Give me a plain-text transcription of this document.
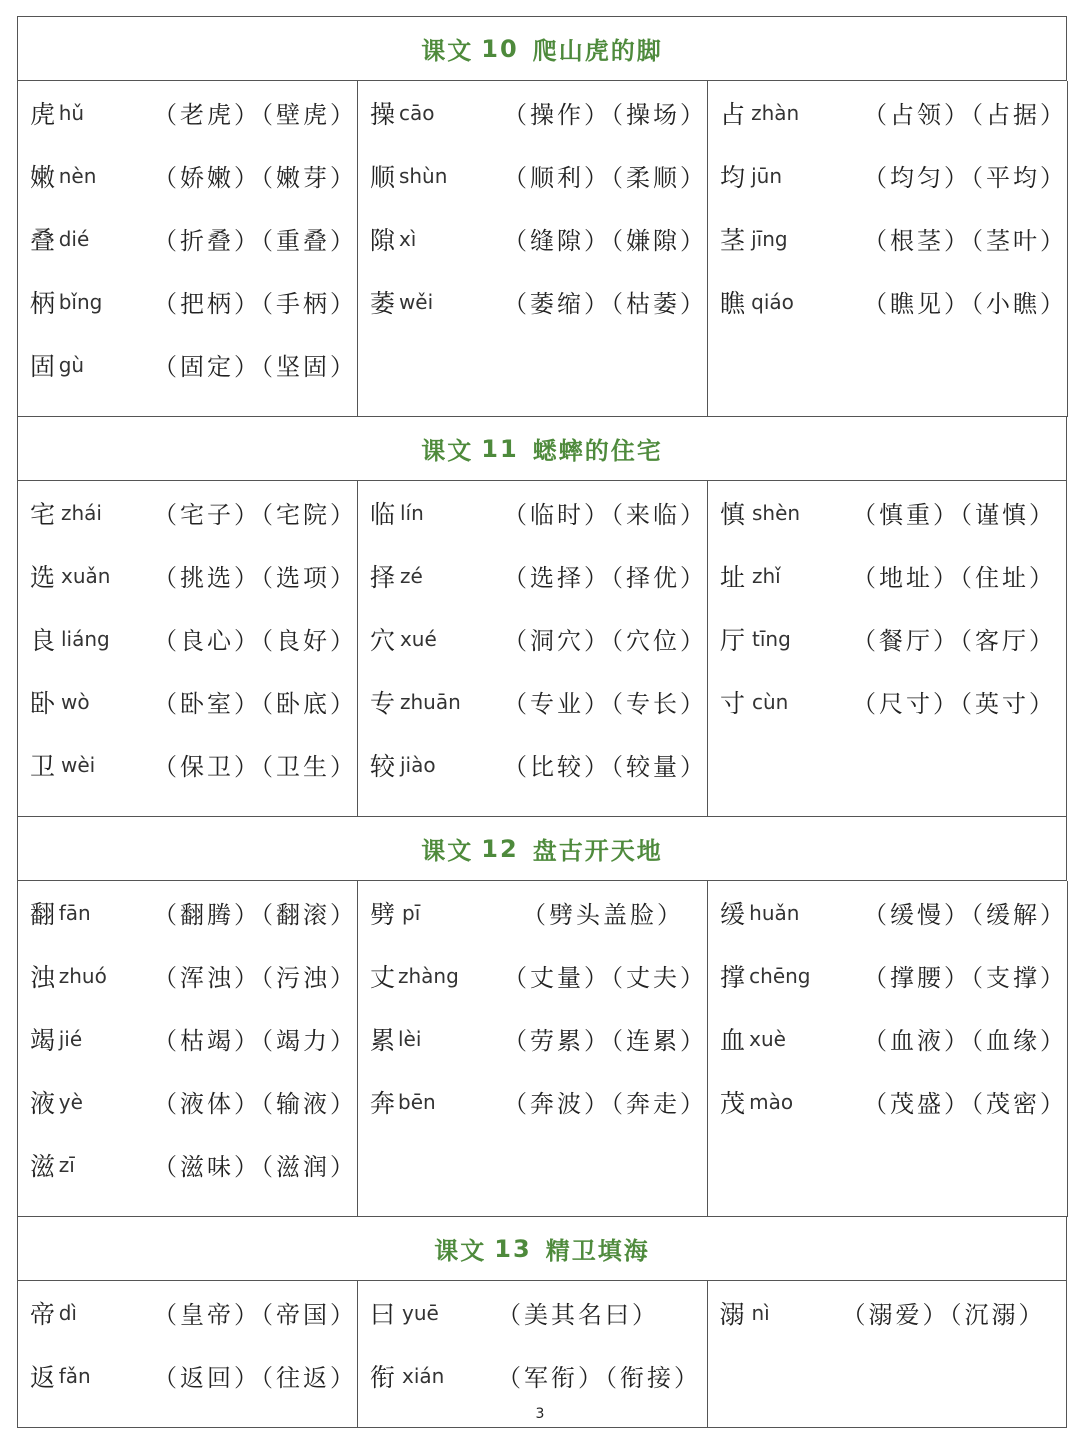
课文 10 爬山虎的脚
虎 hǔ	（老虎）（壁虎）
嫩 nèn	（娇嫩）（嫩芽）
叠 dié	（折叠）（重叠）
柄 bǐng	（把柄）（手柄）
固 gù	（固定）（坚固）
操 cāo	（操作）（操场）
顺 shùn	（顺利）（柔顺）
隙 xì	（缝隙）（嫌隙）
萎 wěi	（萎缩）（枯萎）
占 zhàn	（占领）（占据）
均 jūn	（均匀）（平均）
茎 jīng	（根茎）（茎叶）
瞧 qiáo	（瞧见）（小瞧）
课文 11 蟋蟀的住宅
宅 zhái	（宅子）（宅院）
选 xuǎn	（挑选）（选项）
良 liáng	（良心）（良好）
卧 wò	（卧室）（卧底）
卫 wèi	（保卫）（卫生）
临 lín	（临时）（来临）
择 zé	（选择）（择优）
穴 xué	（洞穴）（穴位）
专 zhuān	（专业）（专长）
较 jiào	（比较）（较量）
慎 shèn	（慎重）（谨慎）
址 zhǐ	（地址）（住址）
厅 tīng	（餐厅）（客厅）
寸 cùn	（尺寸）（英寸）
课文 12 盘古开天地
翻 fān	（翻腾）（翻滚）
浊 zhuó	（浑浊）（污浊）
竭 jié	（枯竭）（竭力）
液 yè	（液体）（输液）
滋 zī	（滋味）（滋润）
劈 pī	（劈头盖脸）
丈 zhàng	（丈量）（丈夫）
累 lèi	（劳累）（连累）
奔 bēn	（奔波）（奔走）
缓 huǎn	（缓慢）（缓解）
撑 chēng	（撑腰）（支撑）
血 xuè	（血液）（血缘）
茂 mào	（茂盛）（茂密）
课文 13 精卫填海
帝 dì	（皇帝）（帝国）
返 fǎn	（返回）（往返）
曰 yuē	（美其名曰）
衔 xián	（军衔）（衔接）
溺 nì	（溺爱）（沉溺）
3
